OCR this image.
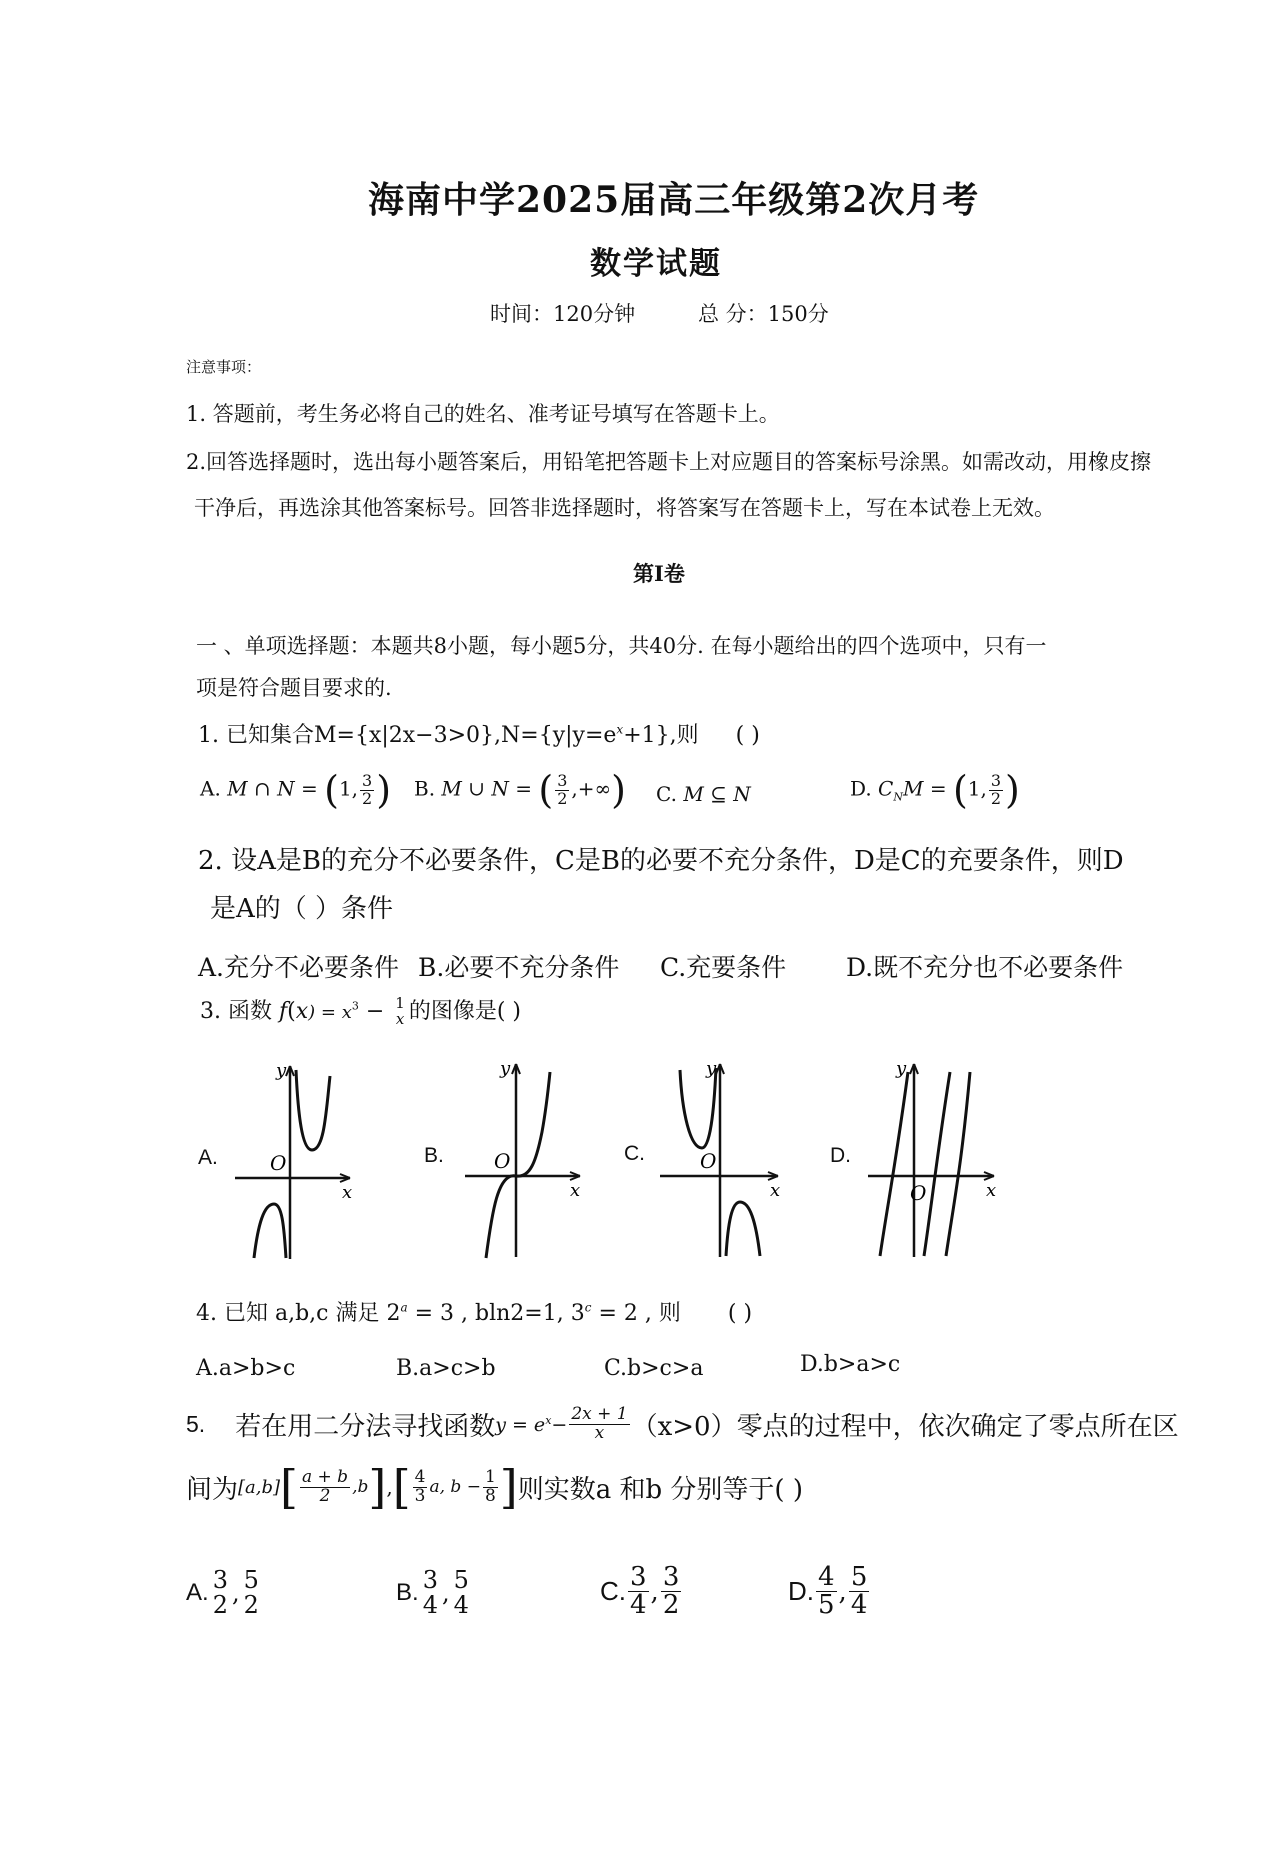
海南中学2025届高三年级第2次月考
数学试题
时间：120分钟	总 分：150分
注意事项：
1. 答题前，考生务必将自己的姓名、准考证号填写在答题卡上。
2.回答选择题时，选出每小题答案后，用铅笔把答题卡上对应题目的答案标号涂黑。如需改动，用橡皮擦
干净后，再选涂其他答案标号。回答非选择题时，将答案写在答题卡上，写在本试卷上无效。
第Ⅰ卷
一 、单项选择题：本题共8小题，每小题5分，共40分. 在每小题给出的四个选项中，只有一
项是符合题目要求的.
1. 已知集合$M=\{x|2x-3>0\},N=\{y|y=e^x+1\}$,则 ( )
A. M ∩ N = (1, $\frac{3}{2}$ ) B. M ∪ N = ( $\frac{3}{2}$ ,+∞) C. M ⊆ N	D. $C_NM = (1$, $\frac{3}{2}$ )
2. 设A是B的充分不必要条件，C是B的必要不充分条件，D是C的充要条件，则D
是A的（ ）条件
A.充分不必要条件 B.必要不充分条件 C.充要条件 D.既不充分也不必要条件
3. 函数 $f(x) = x^3 - 1$
x 的图像是( )
A.	B.	C.	D.
y
x
O
y
x
O
y
x
O
y
x
O
4. 已知 a,b,c 满足 $2^a = 3$ , bln2=1, $3^c = 2$ , 则 ( )
A.a>b>c	B.a>c>b	C.b>c>a	D.b>a>c
5. 若在用二分法寻找函数 y = e $x - \frac{2x + 1}{x} (x>0)$零点的过程中，依次确定了零点所在区
间为 [a,b] [ $\frac{a + b}{2} ,b$ ] , [ $\frac{4}{3} a$, $b - \frac{1}{8}$ ] 则实数a 和b 分别等于( )
A. 3
2 , 5
2	B. 3
4 , 5
4	C. $\frac{3}{4}$ , $\frac{3}{2}$	D. $\frac{4}{5}$ , $\frac{5}{4}$
